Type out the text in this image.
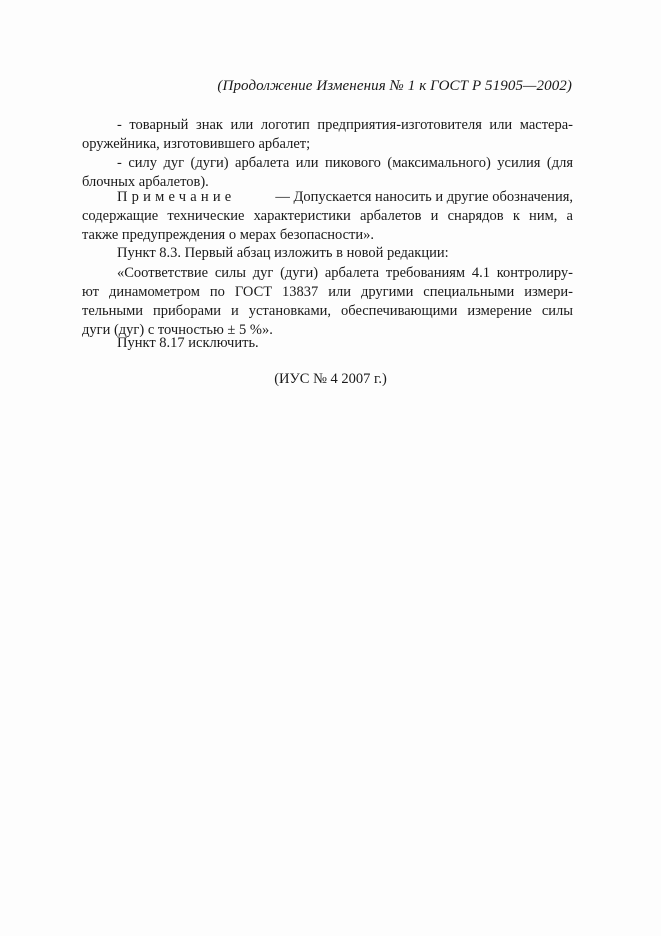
(Продолжение Изменения № 1 к ГОСТ Р 51905—2002)
- товарный знак или логотип предприятия-изготовителя или мастера-
оружейника, изготовившего арбалет;
- силу дуг (дуги) арбалета или пикового (максимального) усилия (для
блочных арбалетов).
Примечание	— Допускается наносить и другие обозначения,
содержащие технические характеристики арбалетов и снарядов к ним, а
также предупреждения о мерах безопасности».
Пункт 8.3. Первый абзац изложить в новой редакции:
«Соответствие силы дуг (дуги) арбалета требованиям 4.1 контролиру-
ют динамометром по ГОСТ 13837 или другими специальными измери-
тельными приборами и установками, обеспечивающими измерение силы
дуги (дуг) с точностью ± 5 %».
Пункт 8.17 исключить.
(ИУС № 4 2007 г.)
